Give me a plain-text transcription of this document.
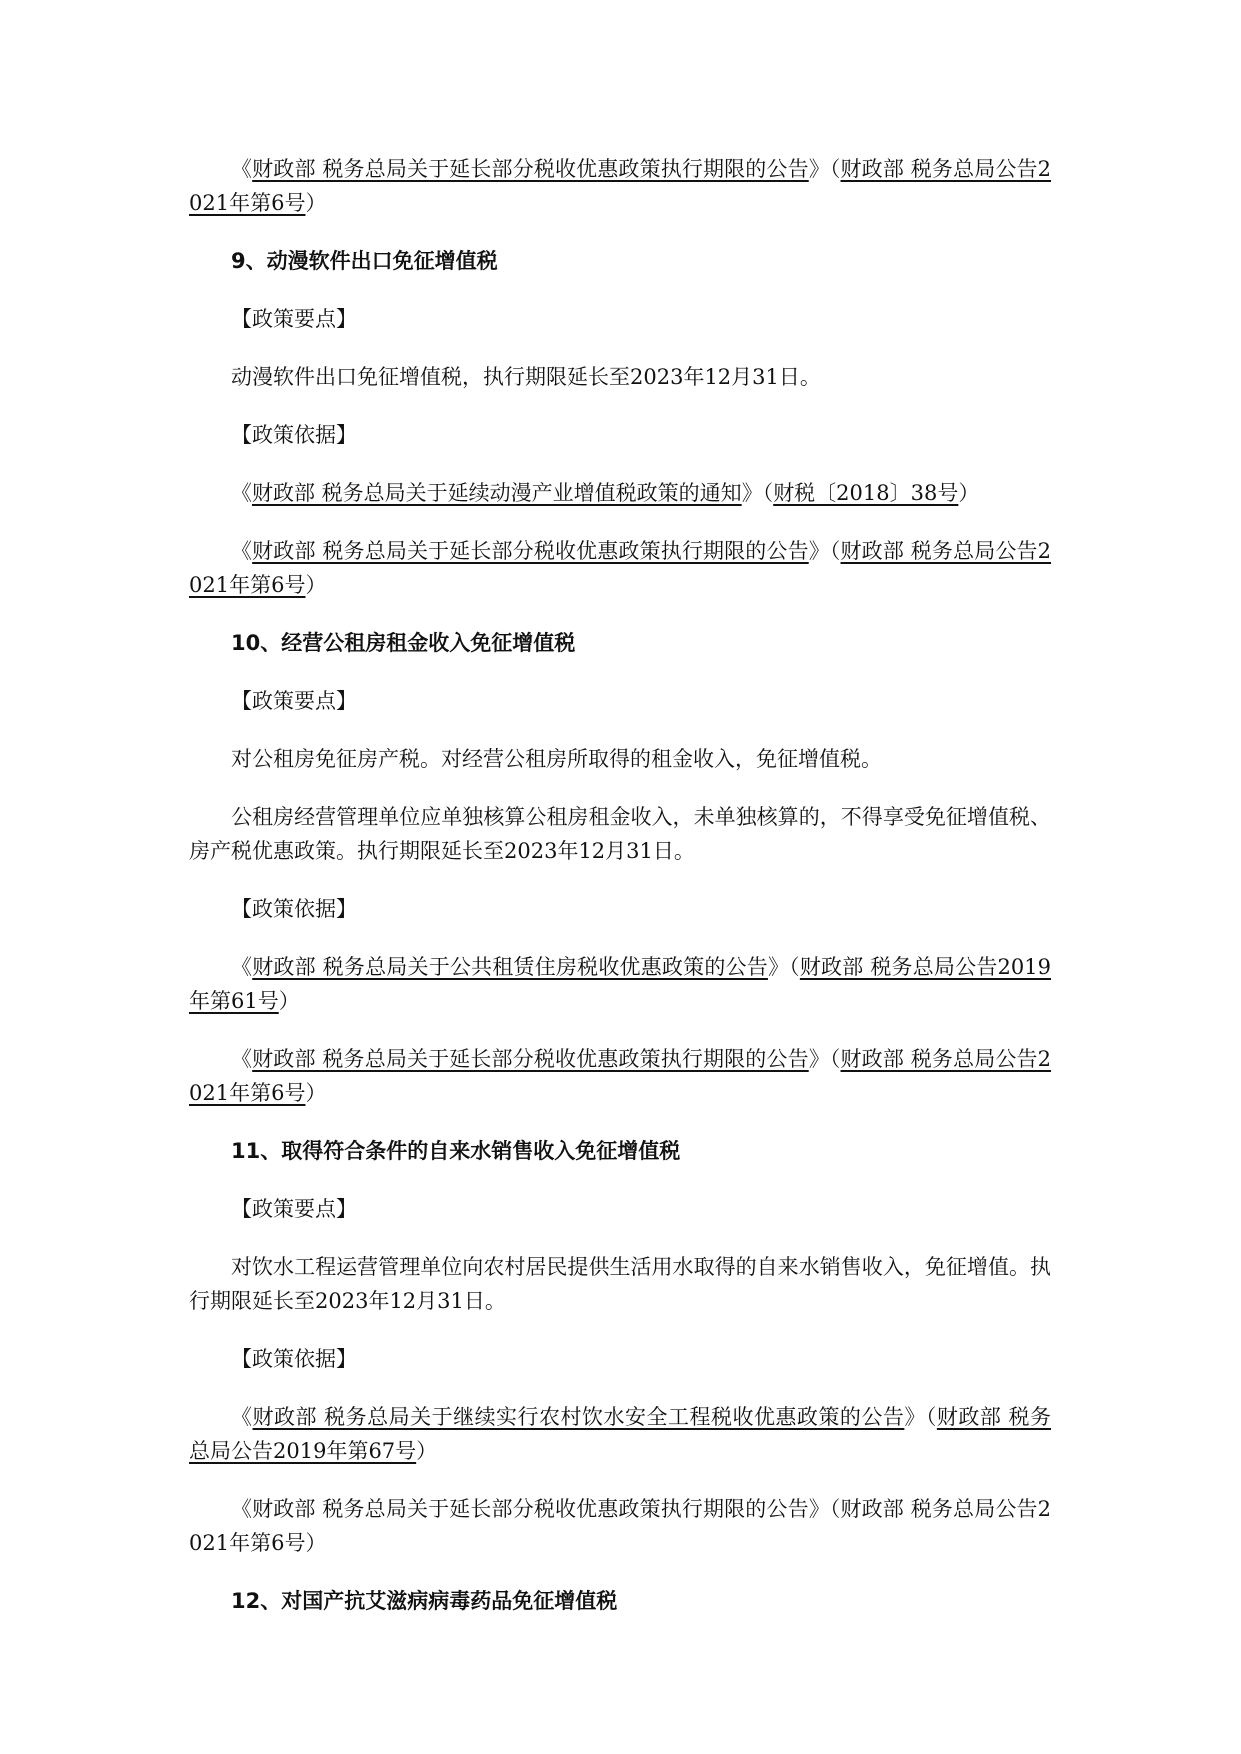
《财政部 税务总局关于延长部分税收优惠政策执行期限的公告》（财政部 税务总局公告2021年第6号）

9、动漫软件出口免征增值税

【政策要点】

动漫软件出口免征增值税，执行期限延长至2023年12月31日。

【政策依据】

《财政部 税务总局关于延续动漫产业增值税政策的通知》（财税〔2018〕38号）

《财政部 税务总局关于延长部分税收优惠政策执行期限的公告》（财政部 税务总局公告2021年第6号）

10、经营公租房租金收入免征增值税

【政策要点】

对公租房免征房产税。对经营公租房所取得的租金收入，免征增值税。

公租房经营管理单位应单独核算公租房租金收入，未单独核算的，不得享受免征增值税、房产税优惠政策。执行期限延长至2023年12月31日。

【政策依据】

《财政部 税务总局关于公共租赁住房税收优惠政策的公告》（财政部 税务总局公告2019年第61号）

《财政部 税务总局关于延长部分税收优惠政策执行期限的公告》（财政部 税务总局公告2021年第6号）

11、取得符合条件的自来水销售收入免征增值税

【政策要点】

对饮水工程运营管理单位向农村居民提供生活用水取得的自来水销售收入，免征增值。执行期限延长至2023年12月31日。

【政策依据】

《财政部 税务总局关于继续实行农村饮水安全工程税收优惠政策的公告》（财政部 税务总局公告2019年第67号）

《财政部 税务总局关于延长部分税收优惠政策执行期限的公告》（财政部 税务总局公告2021年第6号）

12、对国产抗艾滋病病毒药品免征增值税
